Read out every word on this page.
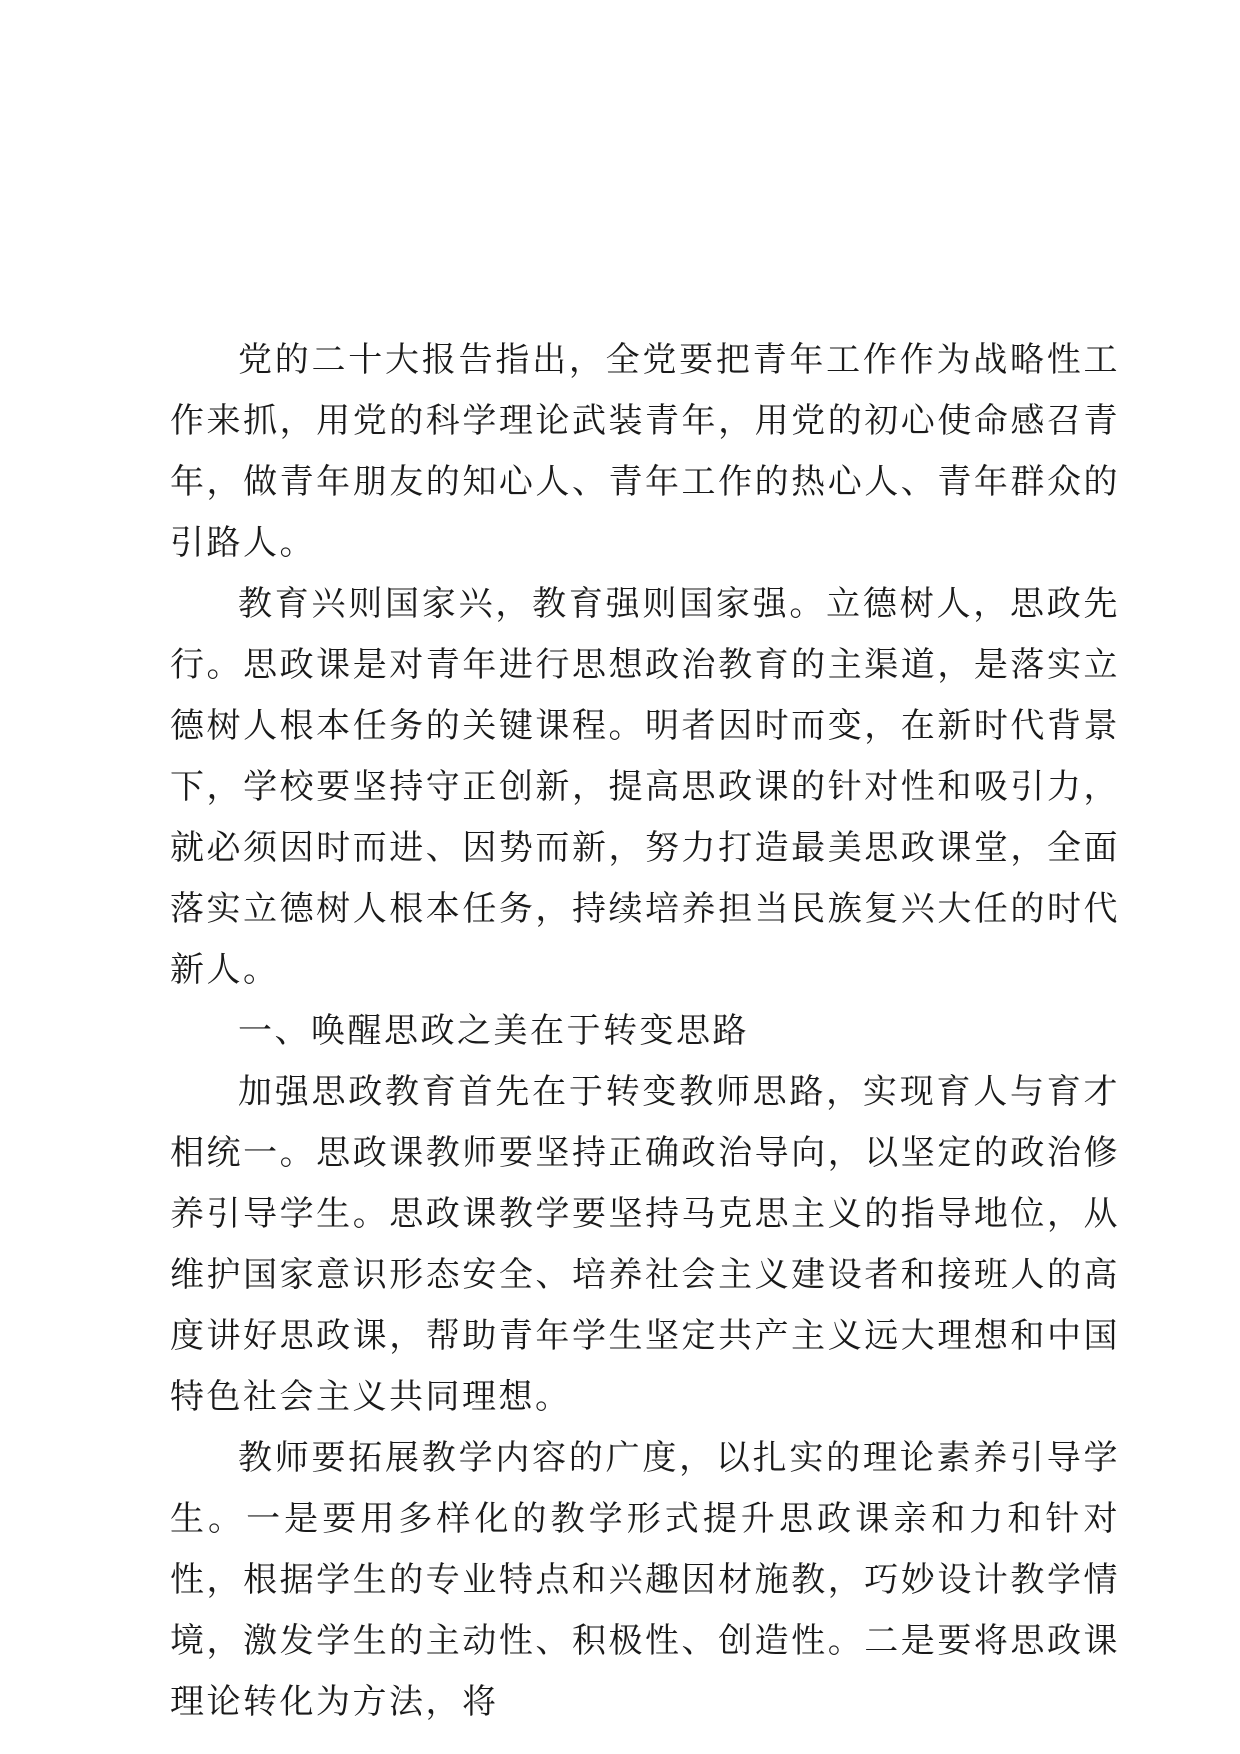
党的二十大报告指出，全党要把青年工作作为战略性工作来抓，用党的科学理论武装青年，用党的初心使命感召青年，做青年朋友的知心人、青年工作的热心人、青年群众的引路人。

教育兴则国家兴，教育强则国家强。立德树人，思政先行。思政课是对青年进行思想政治教育的主渠道，是落实立德树人根本任务的关键课程。明者因时而变，在新时代背景下，学校要坚持守正创新，提高思政课的针对性和吸引力，就必须因时而进、因势而新，努力打造最美思政课堂，全面落实立德树人根本任务，持续培养担当民族复兴大任的时代新人。

一、唤醒思政之美在于转变思路

加强思政教育首先在于转变教师思路，实现育人与育才相统一。思政课教师要坚持正确政治导向，以坚定的政治修养引导学生。思政课教学要坚持马克思主义的指导地位，从维护国家意识形态安全、培养社会主义建设者和接班人的高度讲好思政课，帮助青年学生坚定共产主义远大理想和中国特色社会主义共同理想。

教师要拓展教学内容的广度，以扎实的理论素养引导学生。一是要用多样化的教学形式提升思政课亲和力和针对性，根据学生的专业特点和兴趣因材施教，巧妙设计教学情境，激发学生的主动性、积极性、创造性。二是要将思政课理论转化为方法，将
